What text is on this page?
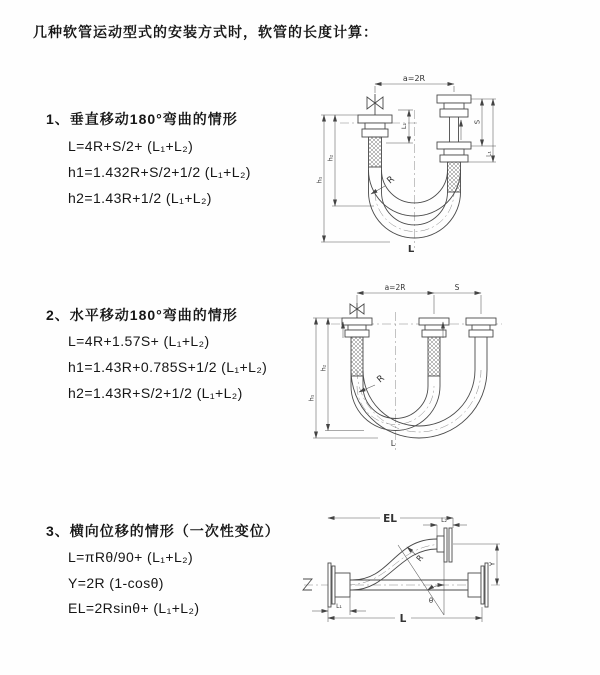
几种软管运动型式的安装方式时，软管的长度计算：
1、垂直移动180°弯曲的情形
L=4R+S/2+ (L₁+L₂)
h1=1.432R+S/2+1/2 (L₁+L₂)
h2=1.43R+1/2 (L₁+L₂)
2、水平移动180°弯曲的情形
L=4R+1.57S+ (L₁+L₂)
h1=1.43R+0.785S+1/2 (L₁+L₂)
h2=1.43R+S/2+1/2 (L₁+L₂)
3、横向位移的情形（一次性变位）
L=πRθ/90+ (L₁+L₂)
Y=2R (1-cosθ)
EL=2Rsinθ+ (L₁+L₂)
a=2R
L₁
S
L₁
h₁
h₂
R
L
a=2R	S
h₁
h₂
R
L
EL	L₂
Y
R
θ
L₁
L
